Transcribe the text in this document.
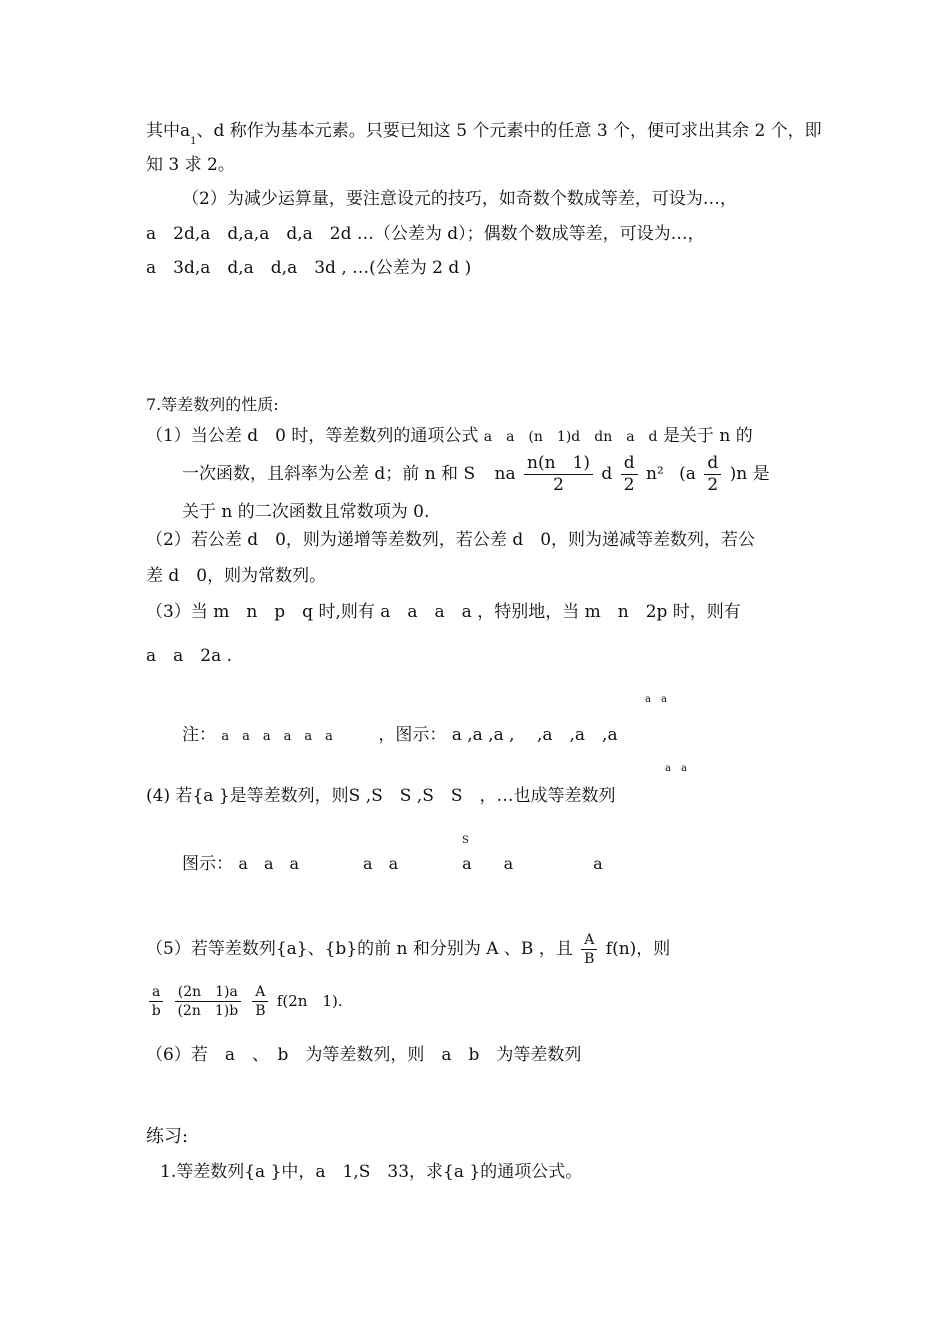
其中$a_1$、d 称作为基本元素。只要已知这 5 个元素中的任意 3 个，便可求出其余 2 个，即
知 3 求 2。
（2）为减少运算量，要注意设元的技巧，如奇数个数成等差，可设为…，
a　2d,a　d,a,a　d,a　2d …（公差为 d）；偶数个数成等差，可设为…，
a　3d,a　d,a　d,a　3d , …(公差为 2 d )
7.等差数列的性质:
（1）当公差 d　0 时，等差数列的通项公式 a　a　(n　1)d　dn　a　d 是关于 n 的
一次函数，且斜率为公差 d；前 n 和 S na $\frac{n(n 1)}{2}$ d $\frac{d}{2} n^2$ $(a \frac{d}{2} )n$ 是
关于 n 的二次函数且常数项为 0.
（2）若公差 d　0，则为递增等差数列，若公差 d　0，则为递减等差数列，若公
差 d　0，则为常数列。
（3）当 m　n　p　q 时,则有 a　a　a　a ，特别地，当 m　n　2p 时，则有
a　a　2a .
a　a
注： a　a　a　a　a　a	，图示： a ,a ,a ,　 ,a　,a　,a
a　a
(4) 若{a }是等差数列，则S ,S　S ,S　S　，…也成等差数列
S
图示： a　a　a　　　　a　a　　　　a　　a　　　　　a
（5）若等差数列{a}、{b}的前 n 和分别为 A 、B ，且 $\frac{A}{B} f(n)$，则
$\frac{a}{b}$
$\frac{(2n 1)a}{(2n 1)b}$
$\frac{A}{B} f(2n$　1).
（6）若　a　、　b　为等差数列，则　a　b　为等差数列
练习:
1.等差数列{a }中，a　1,S　33，求{a }的通项公式。
